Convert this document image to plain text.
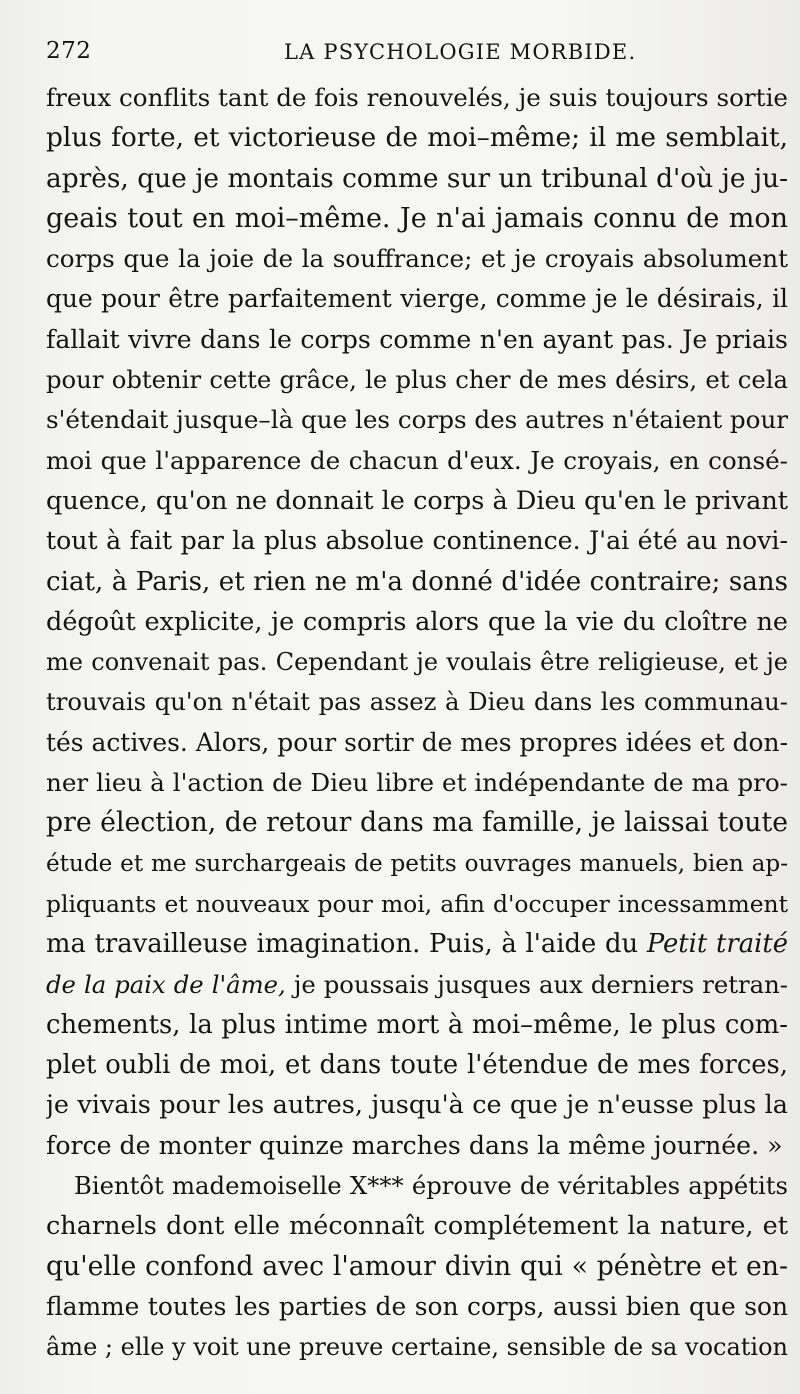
272	LA PSYCHOLOGIE MORBIDE.
freux conflits tant de fois renouvelés, je suis toujours sortie
plus forte, et victorieuse de moi–même; il me semblait,
après, que je montais comme sur un tribunal d'où je ju-
geais tout en moi–même. Je n'ai jamais connu de mon
corps que la joie de la souffrance; et je croyais absolument
que pour être parfaitement vierge, comme je le désirais, il
fallait vivre dans le corps comme n'en ayant pas. Je priais
pour obtenir cette grâce, le plus cher de mes désirs, et cela
s'étendait jusque–là que les corps des autres n'étaient pour
moi que l'apparence de chacun d'eux. Je croyais, en consé-
quence, qu'on ne donnait le corps à Dieu qu'en le privant
tout à fait par la plus absolue continence. J'ai été au novi-
ciat, à Paris, et rien ne m'a donné d'idée contraire; sans
dégoût explicite, je compris alors que la vie du cloître ne
me convenait pas. Cependant je voulais être religieuse, et je
trouvais qu'on n'était pas assez à Dieu dans les communau-
tés actives. Alors, pour sortir de mes propres idées et don-
ner lieu à l'action de Dieu libre et indépendante de ma pro-
pre élection, de retour dans ma famille, je laissai toute
étude et me surchargeais de petits ouvrages manuels, bien ap-
pliquants et nouveaux pour moi, afin d'occuper incessamment
ma travailleuse imagination. Puis, à l'aide du Petit traité
de la paix de l'âme, je poussais jusques aux derniers retran-
chements, la plus intime mort à moi–même, le plus com-
plet oubli de moi, et dans toute l'étendue de mes forces,
je vivais pour les autres, jusqu'à ce que je n'eusse plus la
force de monter quinze marches dans la même journée. »
Bientôt mademoiselle X*** éprouve de véritables appétits
charnels dont elle méconnaît complétement la nature, et
qu'elle confond avec l'amour divin qui « pénètre et en-
flamme toutes les parties de son corps, aussi bien que son
âme ; elle y voit une preuve certaine, sensible de sa vocation
